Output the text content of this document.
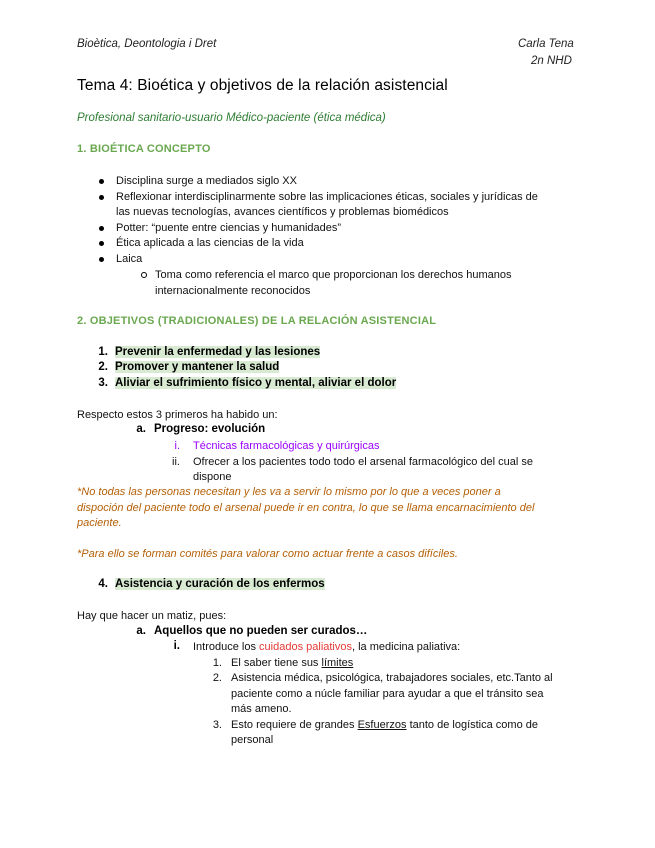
Bioètica, Deontologia i Dret	Carla Tena
2n NHD
Tema 4: Bioética y objetivos de la relación asistencial
Profesional sanitario-usuario Médico-paciente (ética médica)
1. BIOÉTICA CONCEPTO
Disciplina surge a mediados siglo XX
Reflexionar interdisciplinarmente sobre las implicaciones éticas, sociales y jurídicas de
las nuevas tecnologías, avances científicos y problemas biomédicos
Potter: “puente entre ciencias y humanidades”
Ética aplicada a las ciencias de la vida
Laica
Toma como referencia el marco que proporcionan los derechos humanos
internacionalmente reconocidos
2. OBJETIVOS (TRADICIONALES) DE LA RELACIÓN ASISTENCIAL
1. Prevenir la enfermedad y las lesiones
2. Promover y mantener la salud
3. Aliviar el sufrimiento físico y mental, aliviar el dolor
Respecto estos 3 primeros ha habido un:
a. Progreso: evolución
i. Técnicas farmacológicas y quirúrgicas
ii. Ofrecer a los pacientes todo todo el arsenal farmacológico del cual se
dispone
*No todas las personas necesitan y les va a servir lo mismo por lo que a veces poner a
dispoción del paciente todo el arsenal puede ir en contra, lo que se llama encarnacimiento del
paciente.
*Para ello se forman comités para valorar como actuar frente a casos difíciles.
4. Asistencia y curación de los enfermos
Hay que hacer un matiz, pues:
a. Aquellos que no pueden ser curados…
i. Introduce los cuidados paliativos, la medicina paliativa:
1. El saber tiene sus límites
2. Asistencia médica, psicológica, trabajadores sociales, etc.Tanto al
paciente como a núcle familiar para ayudar a que el tránsito sea
más ameno.
3. Esto requiere de grandes Esfuerzos tanto de logística como de
personal
